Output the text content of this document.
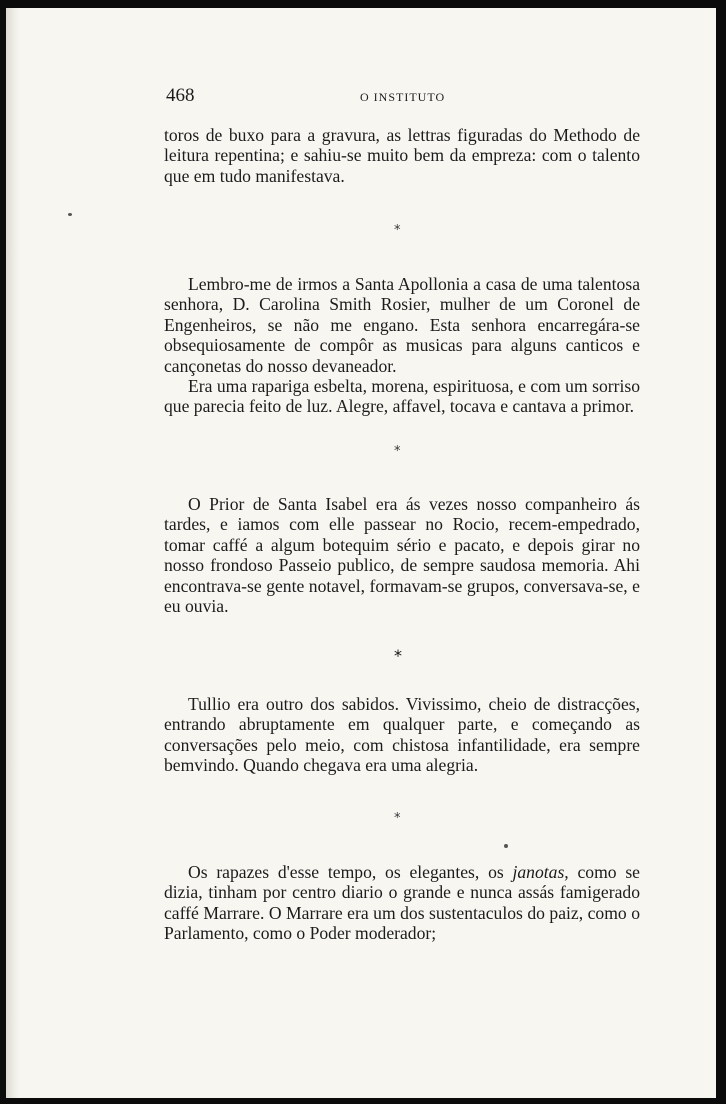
468	O INSTITUTO

toros de buxo para a gravura, as lettras figuradas do Methodo de leitura repentina; e sahiu-se muito bem da empreza: com o talento que em tudo manifestava.

*

Lembro-me de irmos a Santa Apollonia a casa de uma talentosa senhora, D. Carolina Smith Rosier, mulher de um Coronel de Engenheiros, se não me engano. Esta senhora encarregára-se obsequiosamente de compôr as musicas para alguns canticos e cançonetas do nosso devaneador.

Era uma rapariga esbelta, morena, espirituosa, e com um sorriso que parecia feito de luz. Alegre, affavel, tocava e cantava a primor.

*

O Prior de Santa Isabel era ás vezes nosso companheiro ás tardes, e iamos com elle passear no Rocio, recem-empedrado, tomar caffé a algum botequim sério e pacato, e depois girar no nosso frondoso Passeio publico, de sempre saudosa memoria. Ahi encontrava-se gente notavel, formavam-se grupos, conversava-se, e eu ouvia.

*

Tullio era outro dos sabidos. Vivissimo, cheio de distracções, entrando abruptamente em qualquer parte, e começando as conversações pelo meio, com chistosa infantilidade, era sempre bemvindo. Quando chegava era uma alegria.

*

Os rapazes d'esse tempo, os elegantes, os janotas, como se dizia, tinham por centro diario o grande e nunca assás famigerado caffé Marrare. O Marrare era um dos sustentaculos do paiz, como o Parlamento, como o Poder moderador;
